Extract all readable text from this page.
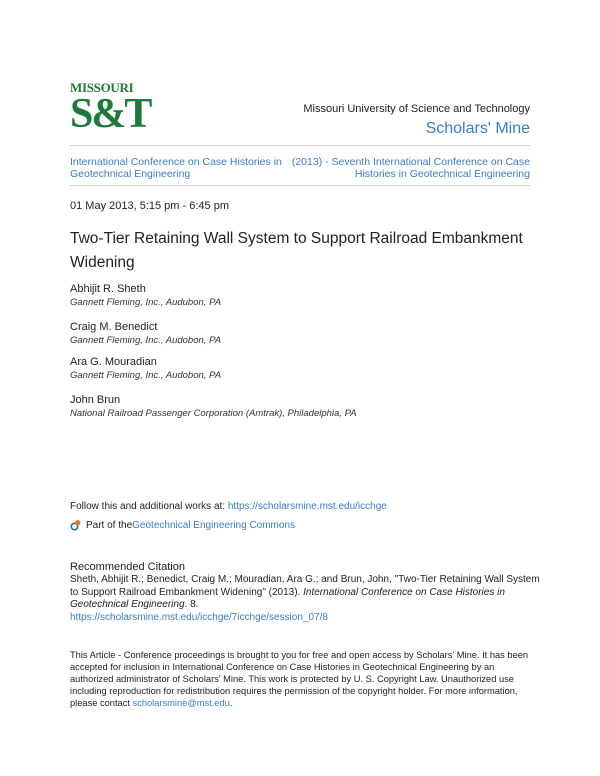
MISSOURI
S&T	Missouri University of Science and Technology
Scholars' Mine
International Conference on Case Histories in Geotechnical Engineering
(2013) - Seventh International Conference on Case Histories in Geotechnical Engineering
01 May 2013, 5:15 pm - 6:45 pm
Two-Tier Retaining Wall System to Support Railroad Embankment Widening
Abhijit R. Sheth
Gannett Fleming, Inc., Audubon, PA
Craig M. Benedict
Gannett Fleming, Inc., Audobon, PA
Ara G. Mouradian
Gannett Fleming, Inc., Audobon, PA
John Brun
National Railroad Passenger Corporation (Amtrak), Philadelphia, PA
Follow this and additional works at: https://scholarsmine.mst.edu/icchge
Part of the Geotechnical Engineering Commons
Recommended Citation
Sheth, Abhijit R.; Benedict, Craig M.; Mouradian, Ara G.; and Brun, John, "Two-Tier Retaining Wall System to Support Railroad Embankment Widening" (2013). International Conference on Case Histories in Geotechnical Engineering. 8.
https://scholarsmine.mst.edu/icchge/7icchge/session_07/8
This Article - Conference proceedings is brought to you for free and open access by Scholars' Mine. It has been accepted for inclusion in International Conference on Case Histories in Geotechnical Engineering by an authorized administrator of Scholars' Mine. This work is protected by U. S. Copyright Law. Unauthorized use including reproduction for redistribution requires the permission of the copyright holder. For more information, please contact scholarsmine@mst.edu.
